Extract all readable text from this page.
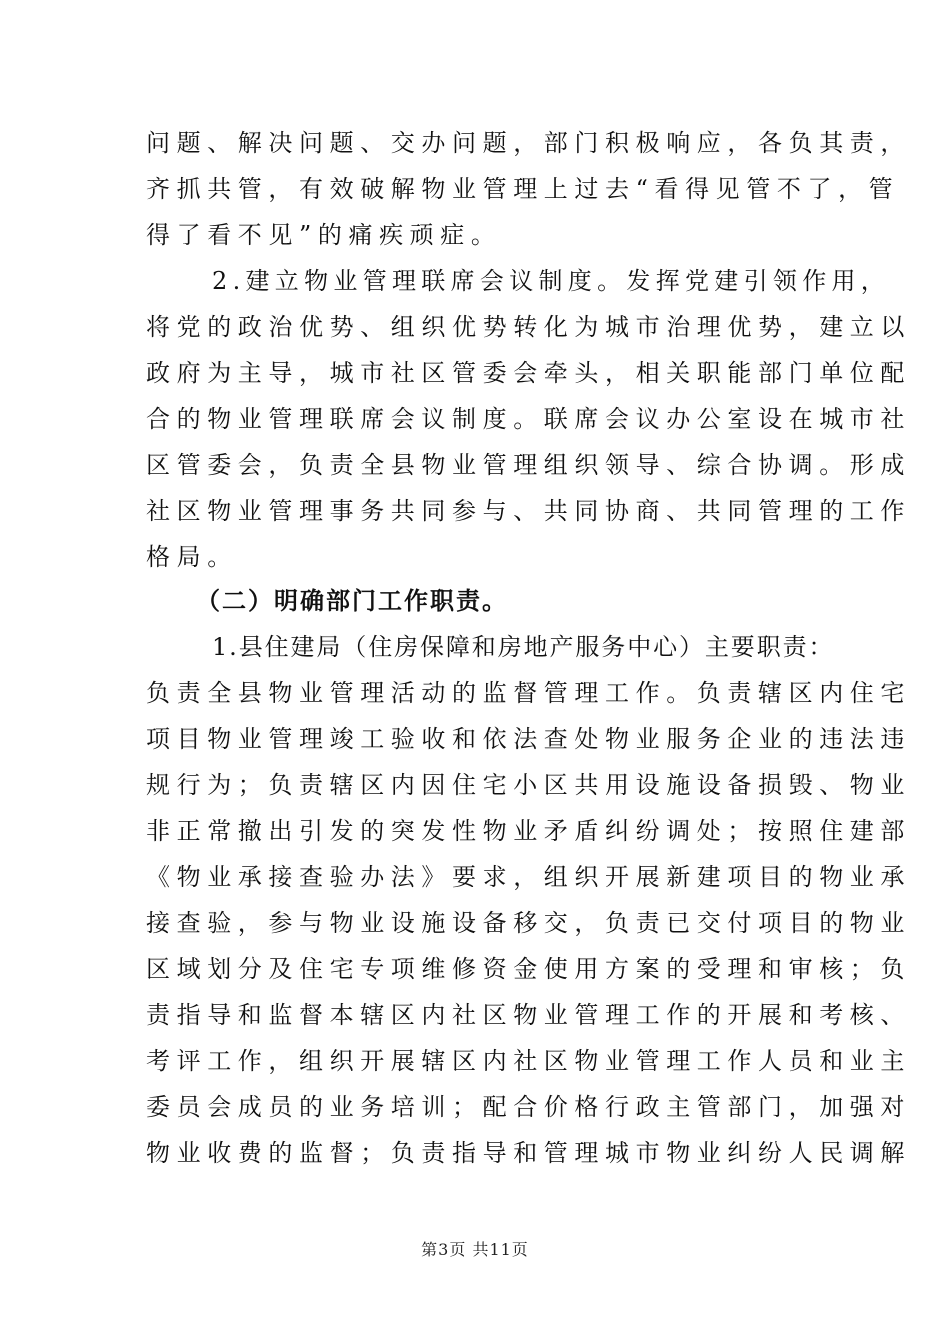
问题、解决问题、交办问题，部门积极响应，各负其责，
齐抓共管，有效破解物业管理上过去“看得见管不了，管
得了看不见”的痛疾顽症。
2.建立物业管理联席会议制度。发挥党建引领作用，
将党的政治优势、组织优势转化为城市治理优势，建立以
政府为主导，城市社区管委会牵头，相关职能部门单位配
合的物业管理联席会议制度。联席会议办公室设在城市社
区管委会，负责全县物业管理组织领导、综合协调。形成
社区物业管理事务共同参与、共同协商、共同管理的工作
格局。
（二）明确部门工作职责。
1.县住建局（住房保障和房地产服务中心）主要职责：
负责全县物业管理活动的监督管理工作。负责辖区内住宅
项目物业管理竣工验收和依法查处物业服务企业的违法违
规行为；负责辖区内因住宅小区共用设施设备损毁、物业
非正常撤出引发的突发性物业矛盾纠纷调处；按照住建部
《物业承接查验办法》要求，组织开展新建项目的物业承
接查验，参与物业设施设备移交，负责已交付项目的物业
区域划分及住宅专项维修资金使用方案的受理和审核；负
责指导和监督本辖区内社区物业管理工作的开展和考核、
考评工作，组织开展辖区内社区物业管理工作人员和业主
委员会成员的业务培训；配合价格行政主管部门，加强对
物业收费的监督；负责指导和管理城市物业纠纷人民调解
第3页 共11页
